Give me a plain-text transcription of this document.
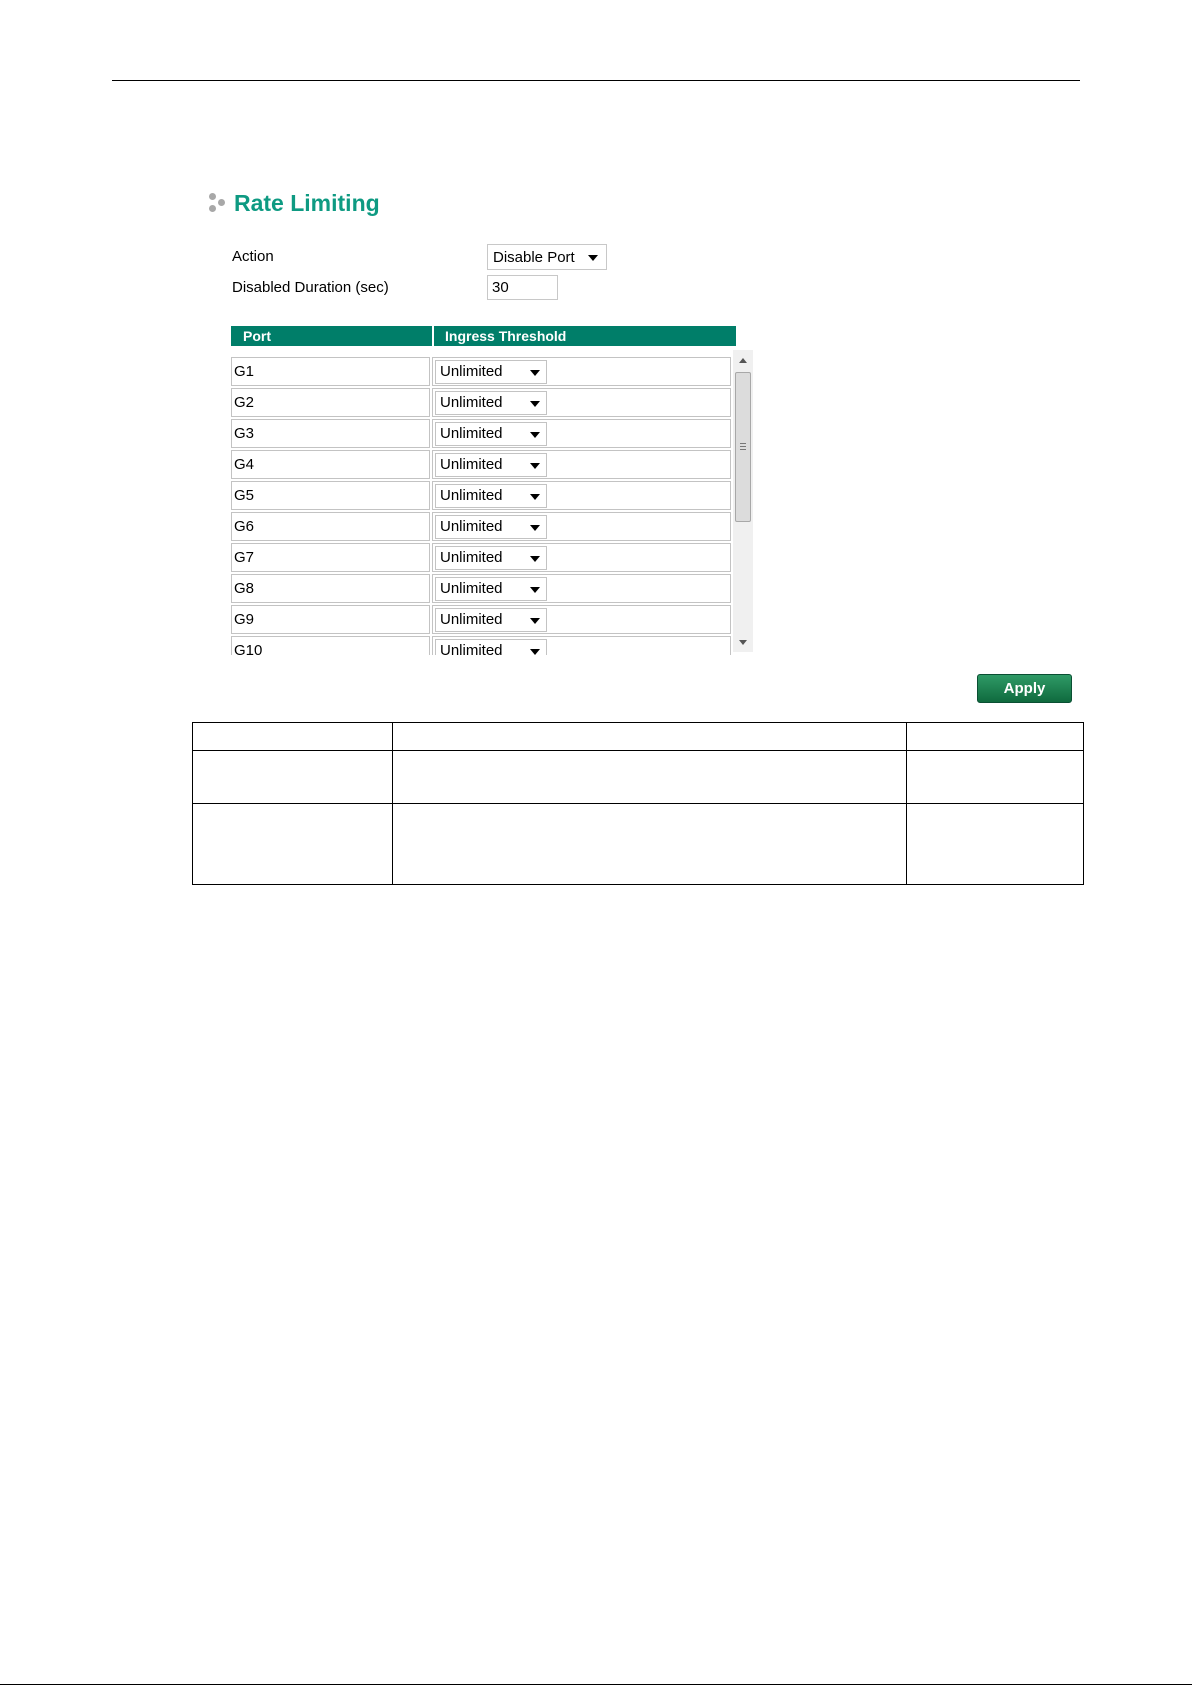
Rate Limiting
Action	Disable Port
Disabled Duration (sec)	30
Port	Ingress Threshold
G1	Unlimited
G2	Unlimited
G3	Unlimited
G4	Unlimited
G5	Unlimited
G6	Unlimited
G7	Unlimited
G8	Unlimited
G9	Unlimited
G10	Unlimited
Apply
